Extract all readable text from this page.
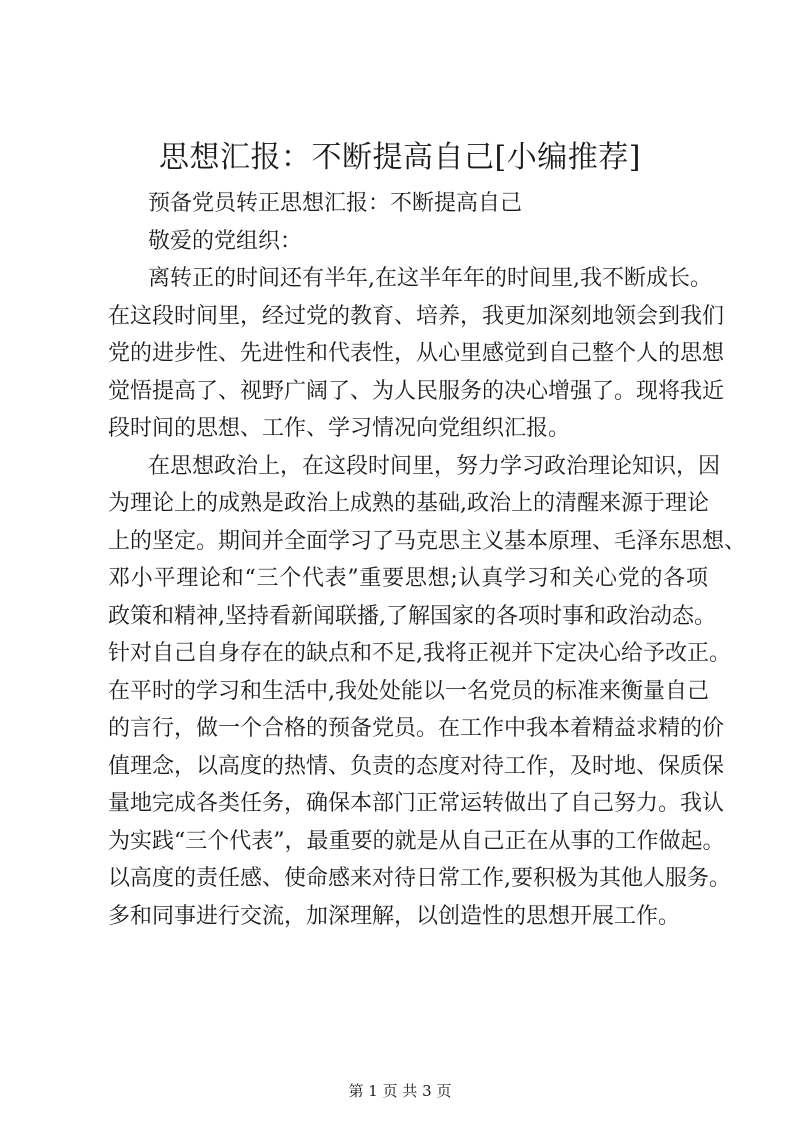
思想汇报：不断提高自己[小编推荐]
预备党员转正思想汇报：不断提高自己
敬爱的党组织：
离转正的时间还有半年,在这半年年的时间里,我不断成长。
在这段时间里，经过党的教育、培养，我更加深刻地领会到我们
党的进步性、先进性和代表性，从心里感觉到自己整个人的思想
觉悟提高了、视野广阔了、为人民服务的决心增强了。现将我近
段时间的思想、工作、学习情况向党组织汇报。
在思想政治上，在这段时间里，努力学习政治理论知识，因
为理论上的成熟是政治上成熟的基础,政治上的清醒来源于理论
上的坚定。期间并全面学习了马克思主义基本原理、毛泽东思想、
邓小平理论和“三个代表”重要思想;认真学习和关心党的各项
政策和精神,坚持看新闻联播,了解国家的各项时事和政治动态。
针对自己自身存在的缺点和不足,我将正视并下定决心给予改正。
在平时的学习和生活中,我处处能以一名党员的标准来衡量自己
的言行，做一个合格的预备党员。在工作中我本着精益求精的价
值理念，以高度的热情、负责的态度对待工作，及时地、保质保
量地完成各类任务，确保本部门正常运转做出了自己努力。我认
为实践“三个代表”，最重要的就是从自己正在从事的工作做起。
以高度的责任感、使命感来对待日常工作,要积极为其他人服务。
多和同事进行交流，加深理解，以创造性的思想开展工作。
第 1 页 共 3 页
